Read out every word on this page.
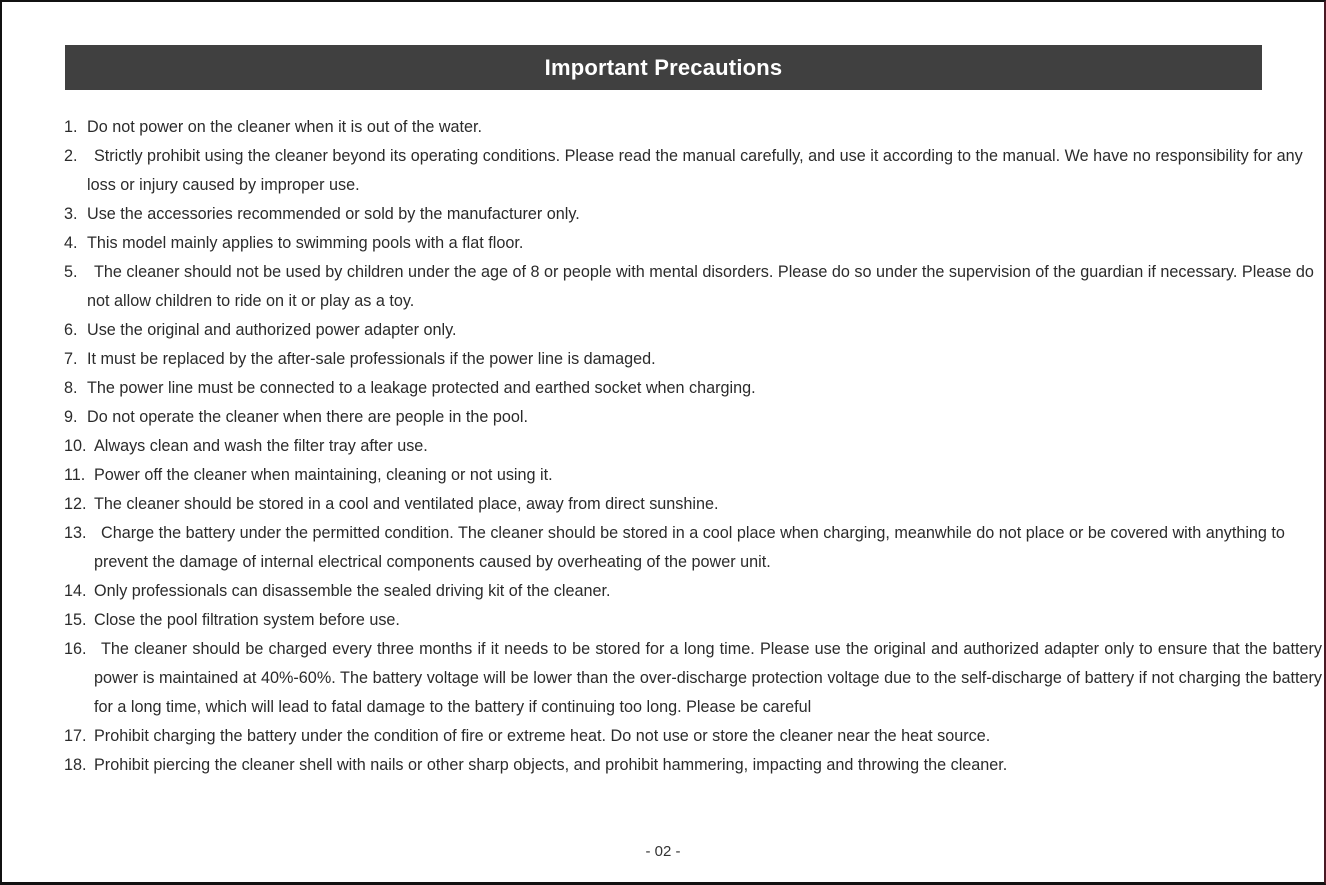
Important Precautions
1. Do not power on the cleaner when it is out of the water.
2.	Strictly prohibit using the cleaner beyond its operating conditions. Please read the manual carefully, and use it according to the manual. We have no responsibility for any loss or injury caused by improper use.
3. Use the accessories recommended or sold by the manufacturer only.
4. This model mainly applies to swimming pools with a flat floor.
5.	The cleaner should not be used by children under the age of 8 or people with mental disorders. Please do so under the supervision of the guardian if necessary. Please do not allow children to ride on it or play as a toy.
6. Use the original and authorized power adapter only.
7. It must be replaced by the after-sale professionals if the power line is damaged.
8. The power line must be connected to a leakage protected and earthed socket when charging.
9. Do not operate the cleaner when there are people in the pool.
10. Always clean and wash the filter tray after use.
11. Power off the cleaner when maintaining, cleaning or not using it.
12. The cleaner should be stored in a cool and ventilated place, away from direct sunshine.
13. Charge the battery under the permitted condition. The cleaner should be stored in a cool place when charging, meanwhile do not place or be covered with anything to prevent the damage of internal electrical components caused by overheating of the power unit.
14. Only professionals can disassemble the sealed driving kit of the cleaner.
15. Close the pool filtration system before use.
16. The cleaner should be charged every three months if it needs to be stored for a long time. Please use the original and authorized adapter only to ensure that the battery power is maintained at 40%-60%. The battery voltage will be lower than the over-discharge protection voltage due to the self-discharge of battery if not charging the battery for a long time, which will lead to fatal damage to the battery if continuing too long. Please be careful
17. Prohibit charging the battery under the condition of fire or extreme heat. Do not use or store the cleaner near the heat source.
18. Prohibit piercing the cleaner shell with nails or other sharp objects, and prohibit hammering, impacting and throwing the cleaner.
- 02 -
